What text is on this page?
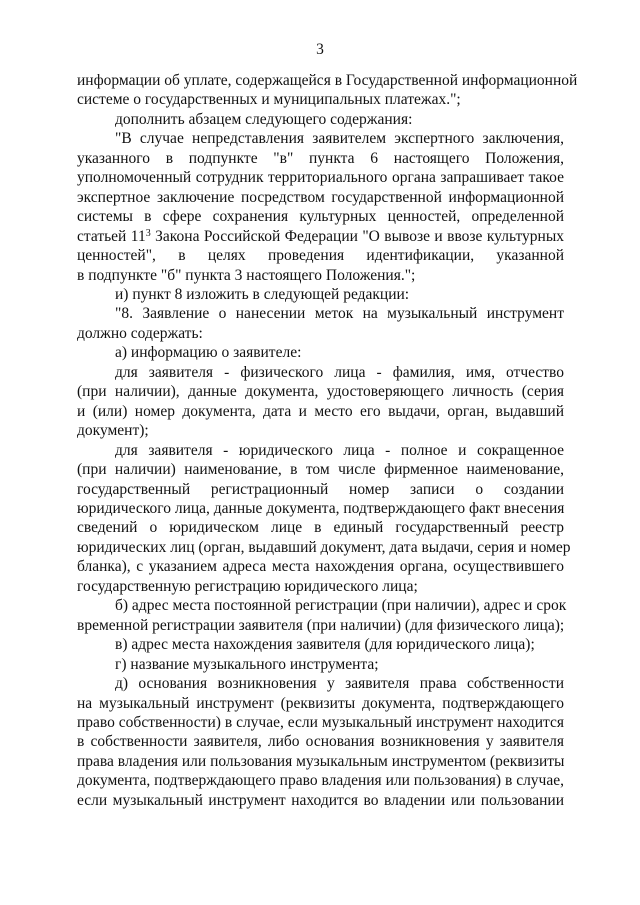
3
информации об уплате, содержащейся в Государственной информационной
системе о государственных и муниципальных платежах.";
дополнить абзацем следующего содержания:
"В случае непредставления заявителем экспертного заключения,
указанного в подпункте "в" пункта 6 настоящего Положения,
уполномоченный сотрудник территориального органа запрашивает такое
экспертное заключение посредством государственной информационной
системы в сфере сохранения культурных ценностей, определенной
статьей $11^3$ Закона Российской Федерации "О вывозе и ввозе культурных
ценностей", в целях проведения идентификации, указанной
в подпункте "б" пункта 3 настоящего Положения.";
и) пункт 8 изложить в следующей редакции:
"8. Заявление о нанесении меток на музыкальный инструмент
должно содержать:
а) информацию о заявителе:
для заявителя - физического лица - фамилия, имя, отчество
(при наличии), данные документа, удостоверяющего личность (серия
и (или) номер документа, дата и место его выдачи, орган, выдавший
документ);
для заявителя - юридического лица - полное и сокращенное
(при наличии) наименование, в том числе фирменное наименование,
государственный регистрационный номер записи о создании
юридического лица, данные документа, подтверждающего факт внесения
сведений о юридическом лице в единый государственный реестр
юридических лиц (орган, выдавший документ, дата выдачи, серия и номер
бланка), с указанием адреса места нахождения органа, осуществившего
государственную регистрацию юридического лица;
б) адрес места постоянной регистрации (при наличии), адрес и срок
временной регистрации заявителя (при наличии) (для физического лица);
в) адрес места нахождения заявителя (для юридического лица);
г) название музыкального инструмента;
д) основания возникновения у заявителя права собственности
на музыкальный инструмент (реквизиты документа, подтверждающего
право собственности) в случае, если музыкальный инструмент находится
в собственности заявителя, либо основания возникновения у заявителя
права владения или пользования музыкальным инструментом (реквизиты
документа, подтверждающего право владения или пользования) в случае,
если музыкальный инструмент находится во владении или пользовании
